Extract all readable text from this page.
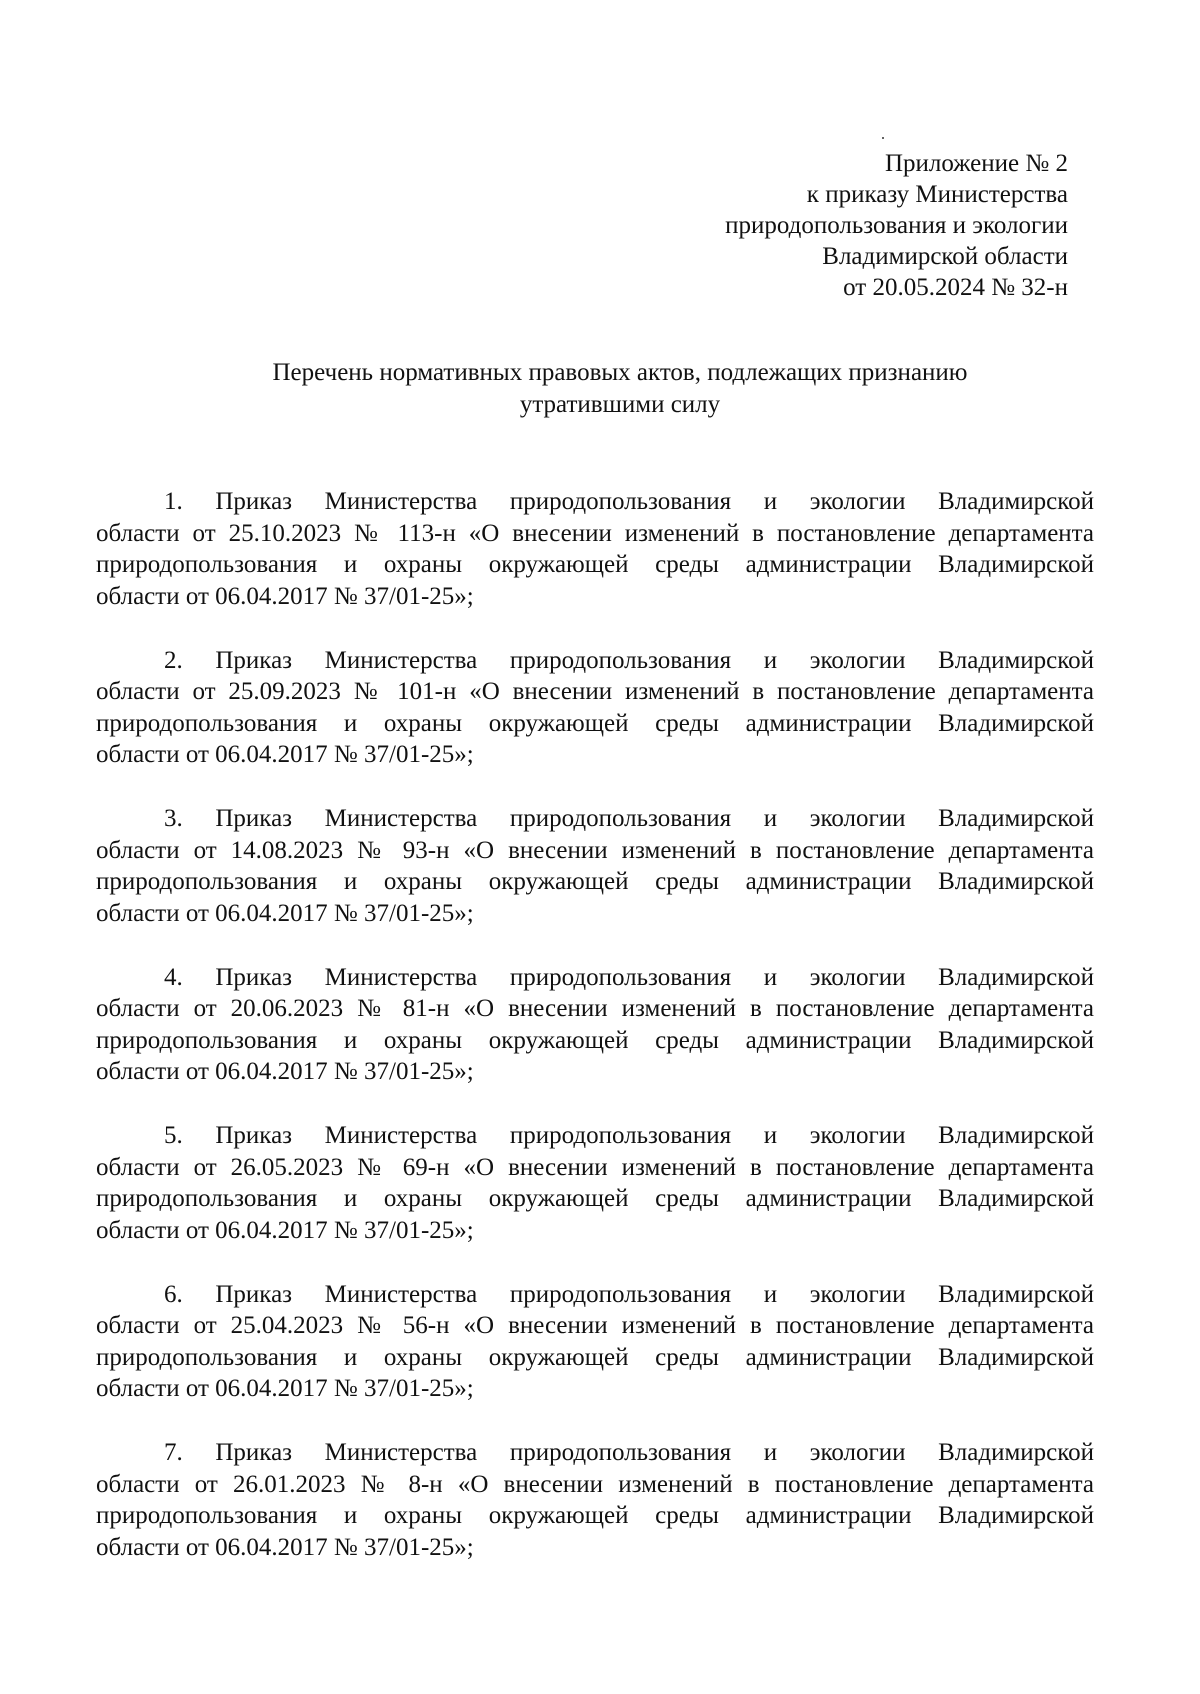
Приложение № 2
к приказу Министерства
природопользования и экологии
Владимирской области
от 20.05.2024 № 32-н
Перечень нормативных правовых актов, подлежащих признанию
утратившими силу
1. Приказ Министерства природопользования и экологии Владимирской
области от 25.10.2023 № 113-н «О внесении изменений в постановление департамента
природопользования и охраны окружающей среды администрации Владимирской
области от 06.04.2017 № 37/01-25»;
2. Приказ Министерства природопользования и экологии Владимирской
области от 25.09.2023 № 101-н «О внесении изменений в постановление департамента
природопользования и охраны окружающей среды администрации Владимирской
области от 06.04.2017 № 37/01-25»;
3. Приказ Министерства природопользования и экологии Владимирской
области от 14.08.2023 № 93-н «О внесении изменений в постановление департамента
природопользования и охраны окружающей среды администрации Владимирской
области от 06.04.2017 № 37/01-25»;
4. Приказ Министерства природопользования и экологии Владимирской
области от 20.06.2023 № 81-н «О внесении изменений в постановление департамента
природопользования и охраны окружающей среды администрации Владимирской
области от 06.04.2017 № 37/01-25»;
5. Приказ Министерства природопользования и экологии Владимирской
области от 26.05.2023 № 69-н «О внесении изменений в постановление департамента
природопользования и охраны окружающей среды администрации Владимирской
области от 06.04.2017 № 37/01-25»;
6. Приказ Министерства природопользования и экологии Владимирской
области от 25.04.2023 № 56-н «О внесении изменений в постановление департамента
природопользования и охраны окружающей среды администрации Владимирской
области от 06.04.2017 № 37/01-25»;
7. Приказ Министерства природопользования и экологии Владимирской
области от 26.01.2023 № 8-н «О внесении изменений в постановление департамента
природопользования и охраны окружающей среды администрации Владимирской
области от 06.04.2017 № 37/01-25»;
